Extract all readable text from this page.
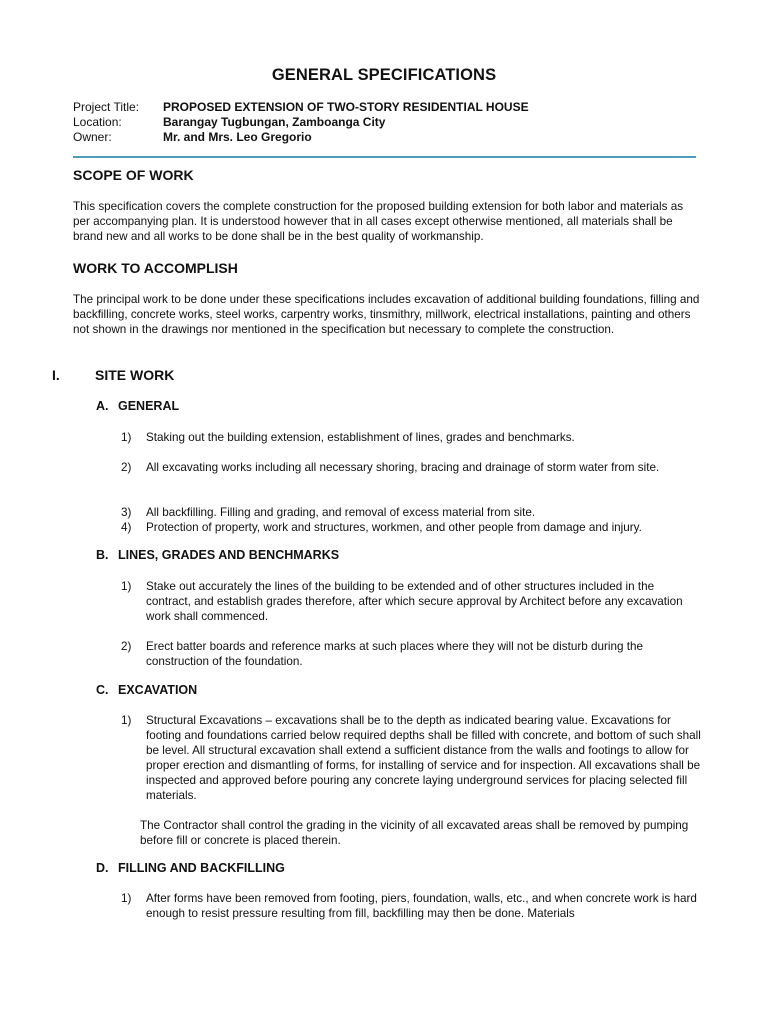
GENERAL SPECIFICATIONS
Project Title:	PROPOSED EXTENSION OF TWO-STORY RESIDENTIAL HOUSE
Location:	Barangay Tugbungan, Zamboanga City
Owner:	Mr. and Mrs. Leo Gregorio
SCOPE OF WORK
This specification covers the complete construction for the proposed building extension for both labor and materials as per accompanying plan. It is understood however that in all cases except otherwise mentioned, all materials shall be brand new and all works to be done shall be in the best quality of workmanship.
WORK TO ACCOMPLISH
The principal work to be done under these specifications includes excavation of additional building foundations, filling and backfilling, concrete works, steel works, carpentry works, tinsmithry, millwork, electrical installations, painting and others not shown in the drawings nor mentioned in the specification but necessary to complete the construction.
I.	SITE WORK
A. GENERAL
1)	Staking out the building extension, establishment of lines, grades and benchmarks.
2)	All excavating works including all necessary shoring, bracing and drainage of storm water from site.
3)	All backfilling. Filling and grading, and removal of excess material from site.
4)	Protection of property, work and structures, workmen, and other people from damage and injury.
B. LINES, GRADES AND BENCHMARKS
1)	Stake out accurately the lines of the building to be extended and of other structures included in the contract, and establish grades therefore, after which secure approval by Architect before any excavation work shall commenced.
2)	Erect batter boards and reference marks at such places where they will not be disturb during the construction of the foundation.
C. EXCAVATION
1)	Structural Excavations – excavations shall be to the depth as indicated bearing value. Excavations for footing and foundations carried below required depths shall be filled with concrete, and bottom of such shall be level. All structural excavation shall extend a sufficient distance from the walls and footings to allow for proper erection and dismantling of forms, for installing of service and for inspection. All excavations shall be inspected and approved before pouring any concrete laying underground services for placing selected fill materials.
The Contractor shall control the grading in the vicinity of all excavated areas shall be removed by pumping before fill or concrete is placed therein.
D. FILLING AND BACKFILLING
1)	After forms have been removed from footing, piers, foundation, walls, etc., and when concrete work is hard enough to resist pressure resulting from fill, backfilling may then be done. Materials
